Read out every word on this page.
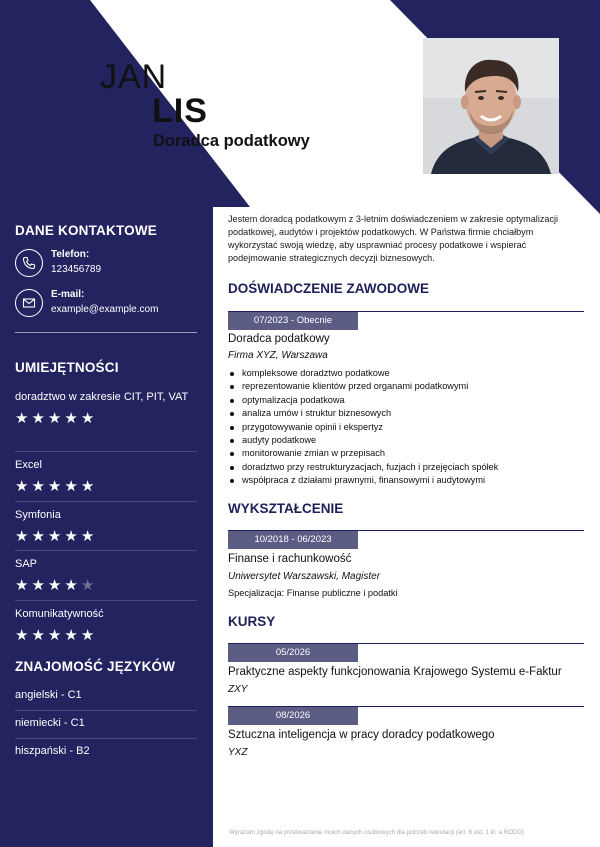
JAN
LIS
Doradca podatkowy
DANE KONTAKTOWE
Telefon:
123456789
E-mail:
example@example.com
UMIEJĘTNOŚCI
doradztwo w zakresie CIT, PIT, VAT
★ ★ ★ ★ ★
Excel
★ ★ ★ ★ ★
Symfonia
★ ★ ★ ★ ★
SAP
★ ★ ★ ★ ★
Komunikatywność
★ ★ ★ ★ ★
ZNAJOMOŚĆ JĘZYKÓW
angielski - C1
niemiecki - C1
hiszpański - B2
Jestem doradcą podatkowym z 3-letnim doświadczeniem w zakresie optymalizacji podatkowej, audytów i projektów podatkowych. W Państwa firmie chciałbym wykorzystać swoją wiedzę, aby usprawniać procesy podatkowe i wspierać podejmowanie strategicznych decyzji biznesowych.
DOŚWIADCZENIE ZAWODOWE
07/2023 - Obecnie
Doradca podatkowy
Firma XYZ, Warszawa
kompleksowe doradztwo podatkowe
reprezentowanie klientów przed organami podatkowymi
optymalizacja podatkowa
analiza umów i struktur biznesowych
przygotowywanie opinii i ekspertyz
audyty podatkowe
monitorowanie zmian w przepisach
doradztwo przy restrukturyzacjach, fuzjach i przejęciach spółek
współpraca z działami prawnymi, finansowymi i audytowymi
WYKSZTAŁCENIE
10/2018 - 06/2023
Finanse i rachunkowość
Uniwersytet Warszawski, Magister
Specjalizacja: Finanse publiczne i podatki
KURSY
05/2026
Praktyczne aspekty funkcjonowania Krajowego Systemu e-Faktur
ZXY
08/2026
Sztuczna inteligencja w pracy doradcy podatkowego
YXZ
Wyrażam zgodę na przetwarzanie moich danych osobowych dla potrzeb rekrutacji (art. 6 ust. 1 lit. a RODO)
